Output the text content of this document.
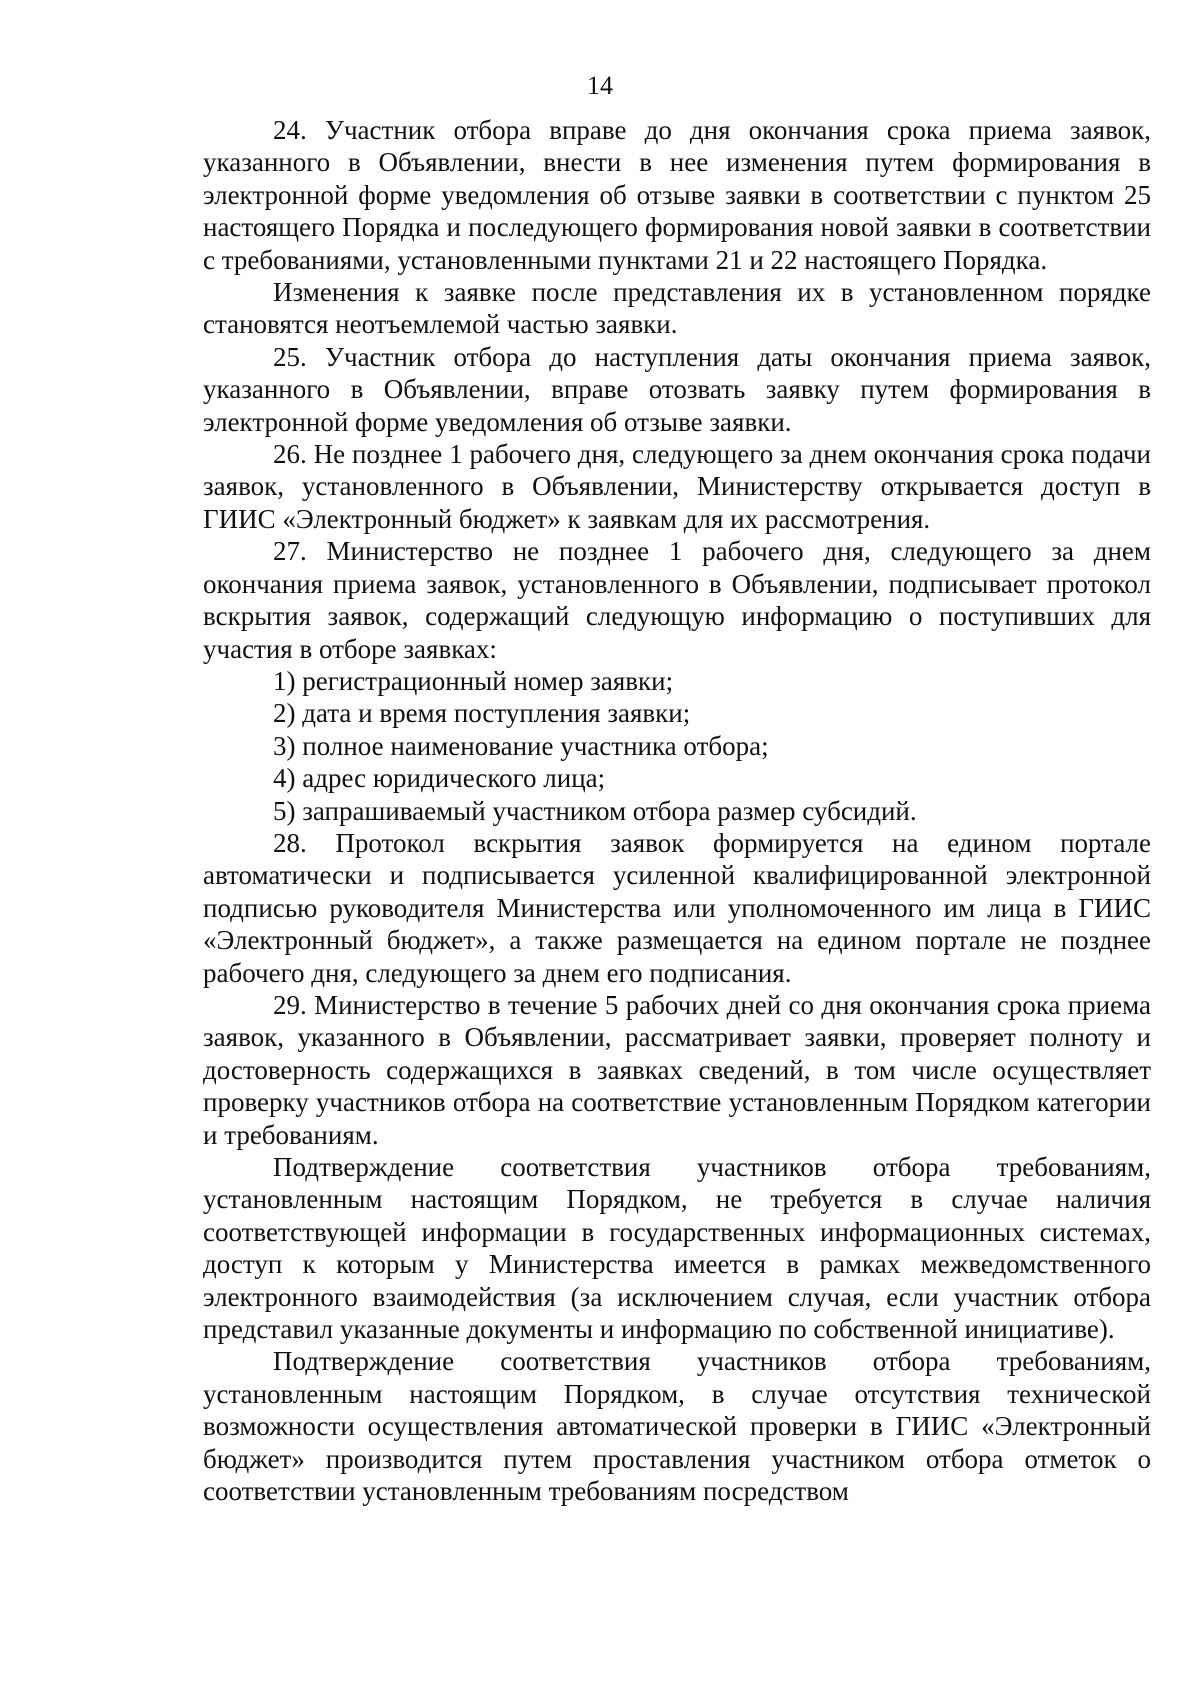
14

24. Участник отбора вправе до дня окончания срока приема заявок, указанного в Объявлении, внести в нее изменения путем формирования в электронной форме уведомления об отзыве заявки в соответствии с пунктом 25 настоящего Порядка и последующего формирования новой заявки в соответствии с требованиями, установленными пунктами 21 и 22 настоящего Порядка.

Изменения к заявке после представления их в установленном порядке становятся неотъемлемой частью заявки.

25. Участник отбора до наступления даты окончания приема заявок, указанного в Объявлении, вправе отозвать заявку путем формирования в электронной форме уведомления об отзыве заявки.

26. Не позднее 1 рабочего дня, следующего за днем окончания срока подачи заявок, установленного в Объявлении, Министерству открывается доступ в ГИИС «Электронный бюджет» к заявкам для их рассмотрения.

27. Министерство не позднее 1 рабочего дня, следующего за днем окончания приема заявок, установленного в Объявлении, подписывает протокол вскрытия заявок, содержащий следующую информацию о поступивших для участия в отборе заявках:

1) регистрационный номер заявки;

2) дата и время поступления заявки;

3) полное наименование участника отбора;

4) адрес юридического лица;

5) запрашиваемый участником отбора размер субсидий.

28. Протокол вскрытия заявок формируется на едином портале автоматически и подписывается усиленной квалифицированной электронной подписью руководителя Министерства или уполномоченного им лица в ГИИС «Электронный бюджет», а также размещается на едином портале не позднее рабочего дня, следующего за днем его подписания.

29. Министерство в течение 5 рабочих дней со дня окончания срока приема заявок, указанного в Объявлении, рассматривает заявки, проверяет полноту и достоверность содержащихся в заявках сведений, в том числе осуществляет проверку участников отбора на соответствие установленным Порядком категории и требованиям.

Подтверждение соответствия участников отбора требованиям, установленным настоящим Порядком, не требуется в случае наличия соответствующей информации в государственных информационных системах, доступ к которым у Министерства имеется в рамках межведомственного электронного взаимодействия (за исключением случая, если участник отбора представил указанные документы и информацию по собственной инициативе).

Подтверждение соответствия участников отбора требованиям, установленным настоящим Порядком, в случае отсутствия технической возможности осуществления автоматической проверки в ГИИС «Электронный бюджет» производится путем проставления участником отбора отметок о соответствии установленным требованиям посредством
